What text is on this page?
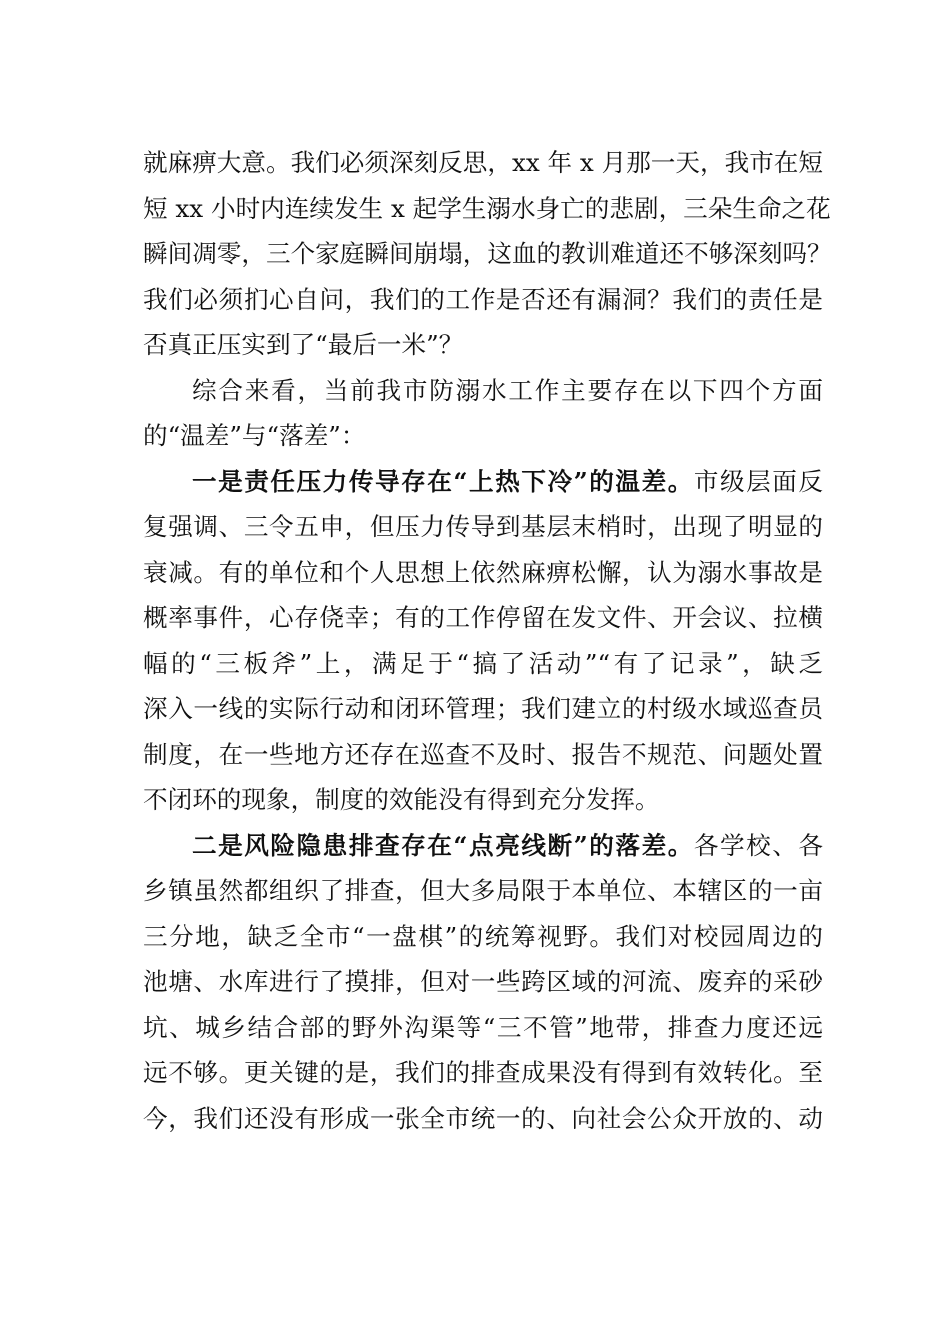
就麻痹大意。我们必须深刻反思，xx 年 x 月那一天，我市在短
短 xx 小时内连续发生 x 起学生溺水身亡的悲剧，三朵生命之花
瞬间凋零，三个家庭瞬间崩塌，这血的教训难道还不够深刻吗？
我们必须扪心自问，我们的工作是否还有漏洞？我们的责任是
否真正压实到了“最后一米”？
综合来看，当前我市防溺水工作主要存在以下四个方面
的“温差”与“落差”：
一是责任压力传导存在“上热下冷”的温差。市级层面反
复强调、三令五申，但压力传导到基层末梢时，出现了明显的
衰减。有的单位和个人思想上依然麻痹松懈，认为溺水事故是
概率事件，心存侥幸；有的工作停留在发文件、开会议、拉横
幅的“三板斧”上，满足于“搞了活动”“有了记录”，缺乏
深入一线的实际行动和闭环管理；我们建立的村级水域巡查员
制度，在一些地方还存在巡查不及时、报告不规范、问题处置
不闭环的现象，制度的效能没有得到充分发挥。
二是风险隐患排查存在“点亮线断”的落差。各学校、各
乡镇虽然都组织了排查，但大多局限于本单位、本辖区的一亩
三分地，缺乏全市“一盘棋”的统筹视野。我们对校园周边的
池塘、水库进行了摸排，但对一些跨区域的河流、废弃的采砂
坑、城乡结合部的野外沟渠等“三不管”地带，排查力度还远
远不够。更关键的是，我们的排查成果没有得到有效转化。至
今，我们还没有形成一张全市统一的、向社会公众开放的、动
